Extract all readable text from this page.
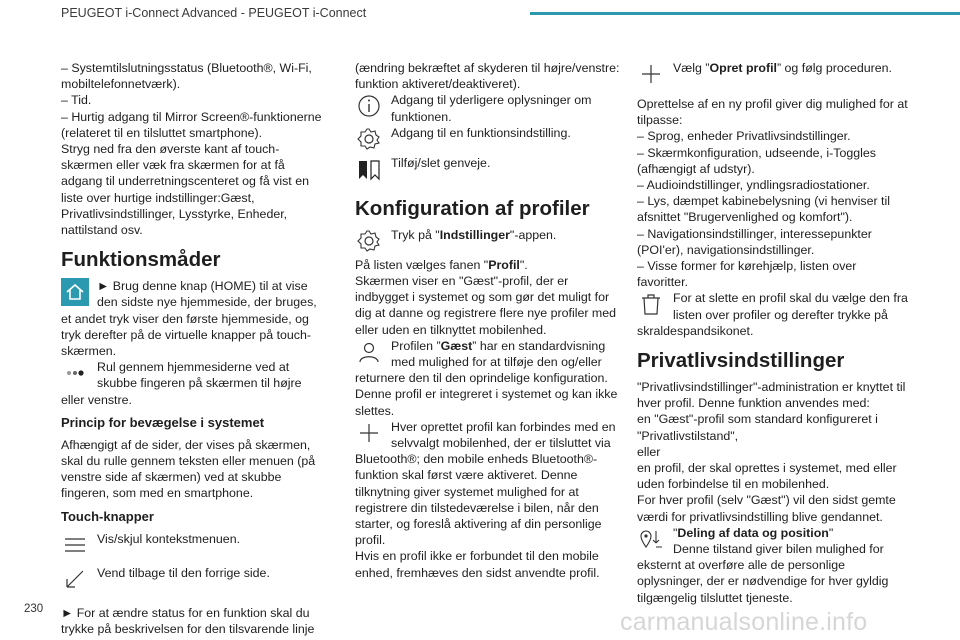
PEUGEOT i-Connect Advanced - PEUGEOT i-Connect

– Systemtilslutningsstatus (Bluetooth®, Wi-Fi, mobiltelefonnetværk).

– Tid.

– Hurtig adgang til Mirror Screen®-funktionerne (relateret til en tilsluttet smartphone).

Stryg ned fra den øverste kant af touch-skærmen eller væk fra skærmen for at få adgang til underretningscenteret og få vist en liste over hurtige indstillinger:Gæst, Privatlivsindstillinger, Lysstyrke, Enheder, nattilstand osv.

Funktionsmåder
► Brug denne knap (HOME) til at vise den sidste nye hjemmeside, der bruges, et andet tryk viser den første hjemmeside, og tryk derefter på de virtuelle knapper på touch-skærmen.
Rul gennem hjemmesiderne ved at skubbe fingeren på skærmen til højre eller venstre.
Princip for bevægelse i systemet

Afhængigt af de sider, der vises på skærmen, skal du rulle gennem teksten eller menuen (på venstre side af skærmen) ved at skubbe fingeren, som med en smartphone.

Touch-knapper
Vis/skjul kontekstmenuen.
Vend tilbage til den forrige side.

► For at ændre status for en funktion skal du trykke på beskrivelsen for den tilsvarende linje

(ændring bekræftet af skyderen til højre/venstre: funktion aktiveret/deaktiveret).

Adgang til yderligere oplysninger om funktionen.
Adgang til en funktionsindstilling.
Tilføj/slet genveje.
Konfiguration af profiler
Tryk på "Indstillinger"-appen.

På listen vælges fanen "Profil".

Skærmen viser en "Gæst"-profil, der er indbygget i systemet og som gør det muligt for dig at danne og registrere flere nye profiler med eller uden en tilknyttet mobilenhed.

Profilen ”Gæst” har en standardvisning med mulighed for at tilføje den og/eller returnere den til den oprindelige konfiguration. Denne profil er integreret i systemet og kan ikke slettes.
Hver oprettet profil kan forbindes med en selvvalgt mobilenhed, der er tilsluttet via Bluetooth®; den mobile enheds Bluetooth®-funktion skal først være aktiveret. Denne tilknytning giver systemet mulighed for at registrere din tilstedeværelse i bilen, når den starter, og foreslå aktivering af din personlige profil.

Hvis en profil ikke er forbundet til den mobile enhed, fremhæves den sidst anvendte profil.

Vælg ”Opret profil” og følg proceduren.

Oprettelse af en ny profil giver dig mulighed for at tilpasse:

– Sprog, enheder Privatlivsindstillinger.

– Skærmkonfiguration, udseende, i-Toggles (afhængigt af udstyr).

– Audioindstillinger, yndlingsradiostationer.

– Lys, dæmpet kabinebelysning (vi henviser til afsnittet "Brugervenlighed og komfort").

– Navigationsindstillinger, interessepunkter (POI'er), navigationsindstillinger.

– Visse former for kørehjælp, listen over favoritter.

For at slette en profil skal du vælge den fra listen over profiler og derefter trykke på skraldespandsikonet.
Privatlivsindstillinger

"Privatlivsindstillinger"-administration er knyttet til hver profil. Denne funktion anvendes med:

en "Gæst"-profil som standard konfigureret i "Privatlivstilstand",

eller

en profil, der skal oprettes i systemet, med eller uden forbindelse til en mobilenhed.

For hver profil (selv "Gæst") vil den sidst gemte værdi for privatlivsindstilling blive gendannet.

"Deling af data og position"
Denne tilstand giver bilen mulighed for eksternt at overføre alle de personlige oplysninger, der er nødvendige for hver gyldig tilgængelig tilsluttet tjeneste.
230	carmanualsonline.info
